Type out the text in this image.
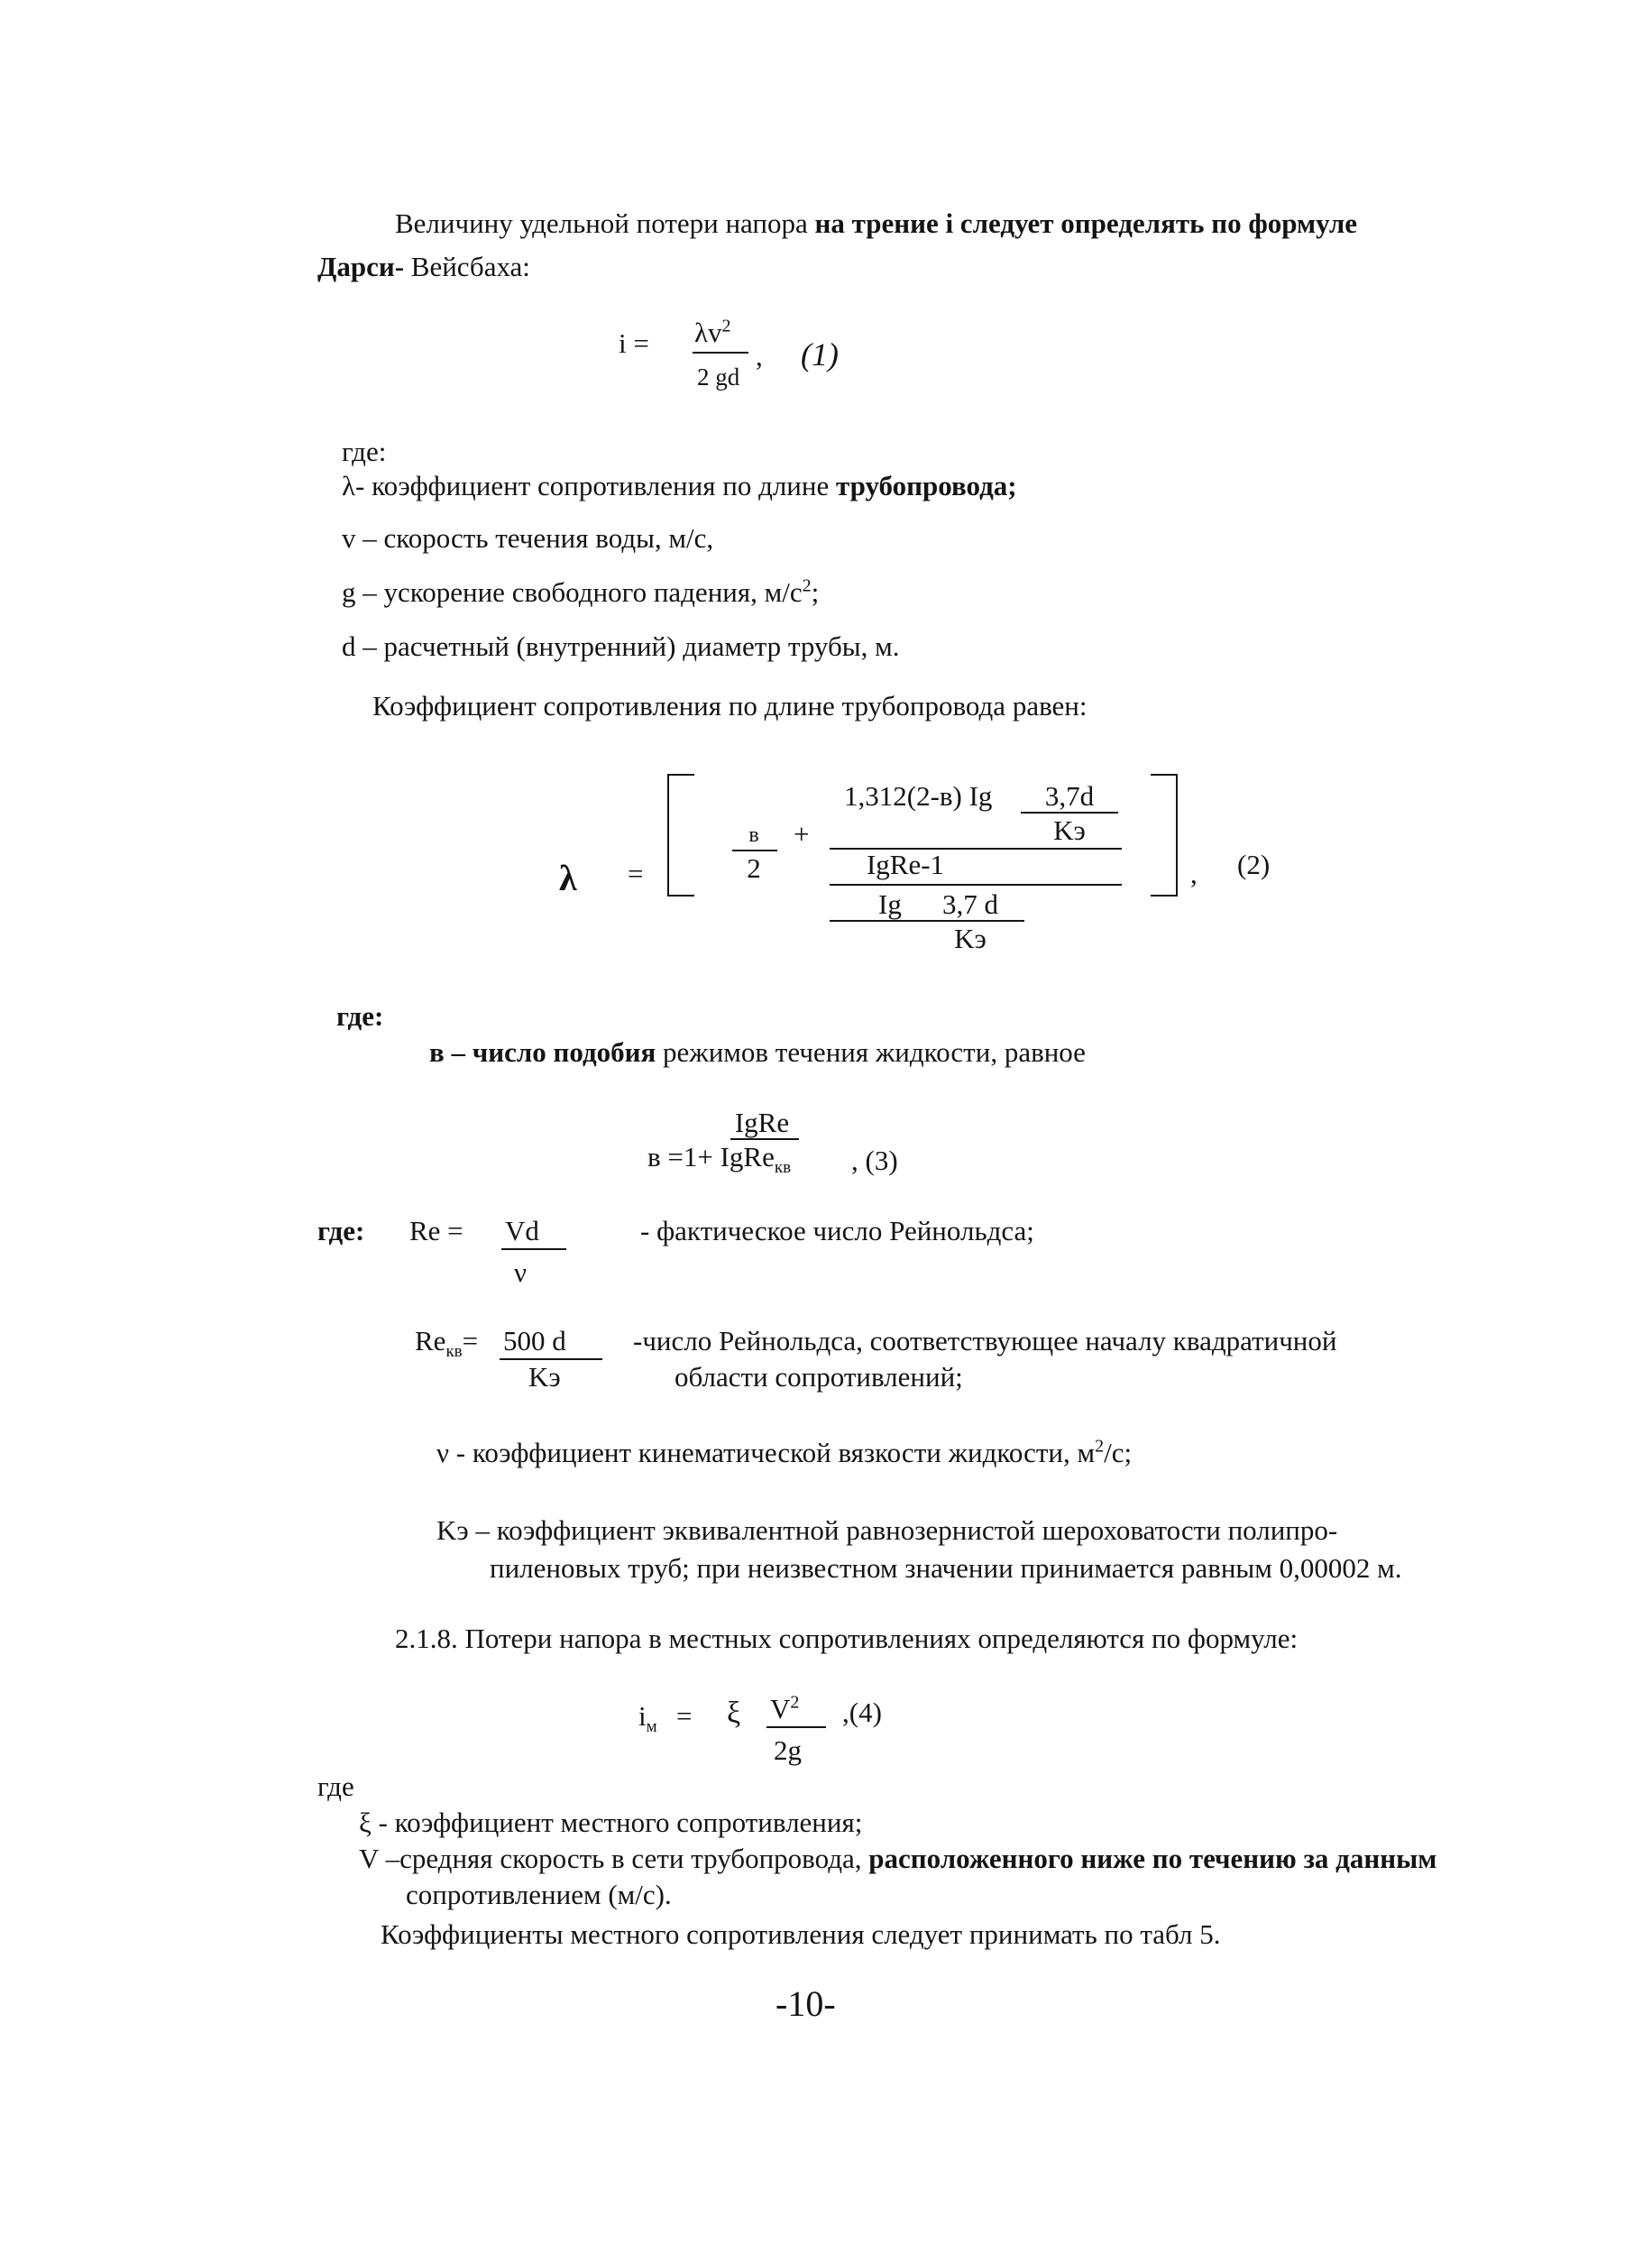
Величину удельной потери напора на трение i следует определять по формуле
Дарси- Вейсбаха:
$i = \lambda v^2$
2 gd
, (1)
где:
λ- коэффициент сопротивления по длине трубопровода;
v – скорость течения воды, м/с,
g – ускорение свободного падения, $м/с^2$;
d – расчетный (внутренний) диаметр трубы, м.
Коэффициент сопротивления по длине трубопровода равен:
λ =
1,312(2-в) Ig	3,7d
Kэ
в	+
2	IgRe-1
Ig	3,7 d
Kэ
, (2)
где:
в – число подобия режимов течения жидкости, равное
IgRe
в =1+ IgRe$_{кв}$ , (3)
где: Re = Vd
ν
- фактическое число Рейнольдса;
$Re_{кв}= 500$ d
Kэ
-число Рейнольдса, соответствующее началу квадратичной
области сопротивлений;
ν - коэффициент кинематической вязкости жидкости, $м^2/с$;
Kэ – коэффициент эквивалентной равнозернистой шероховатости полипро-
пиленовых труб; при неизвестном значении принимается равным 0,00002 м.
2.1.8. Потери напора в местных сопротивлениях определяются по формуле:
$i_м = \xi$ $V^2$
2g
,(4)
где
ξ - коэффициент местного сопротивления;
V –средняя скорость в сети трубопровода, расположенного ниже по течению за данным
сопротивлением (м/с).
Коэффициенты местного сопротивления следует принимать по табл 5.
-10-
